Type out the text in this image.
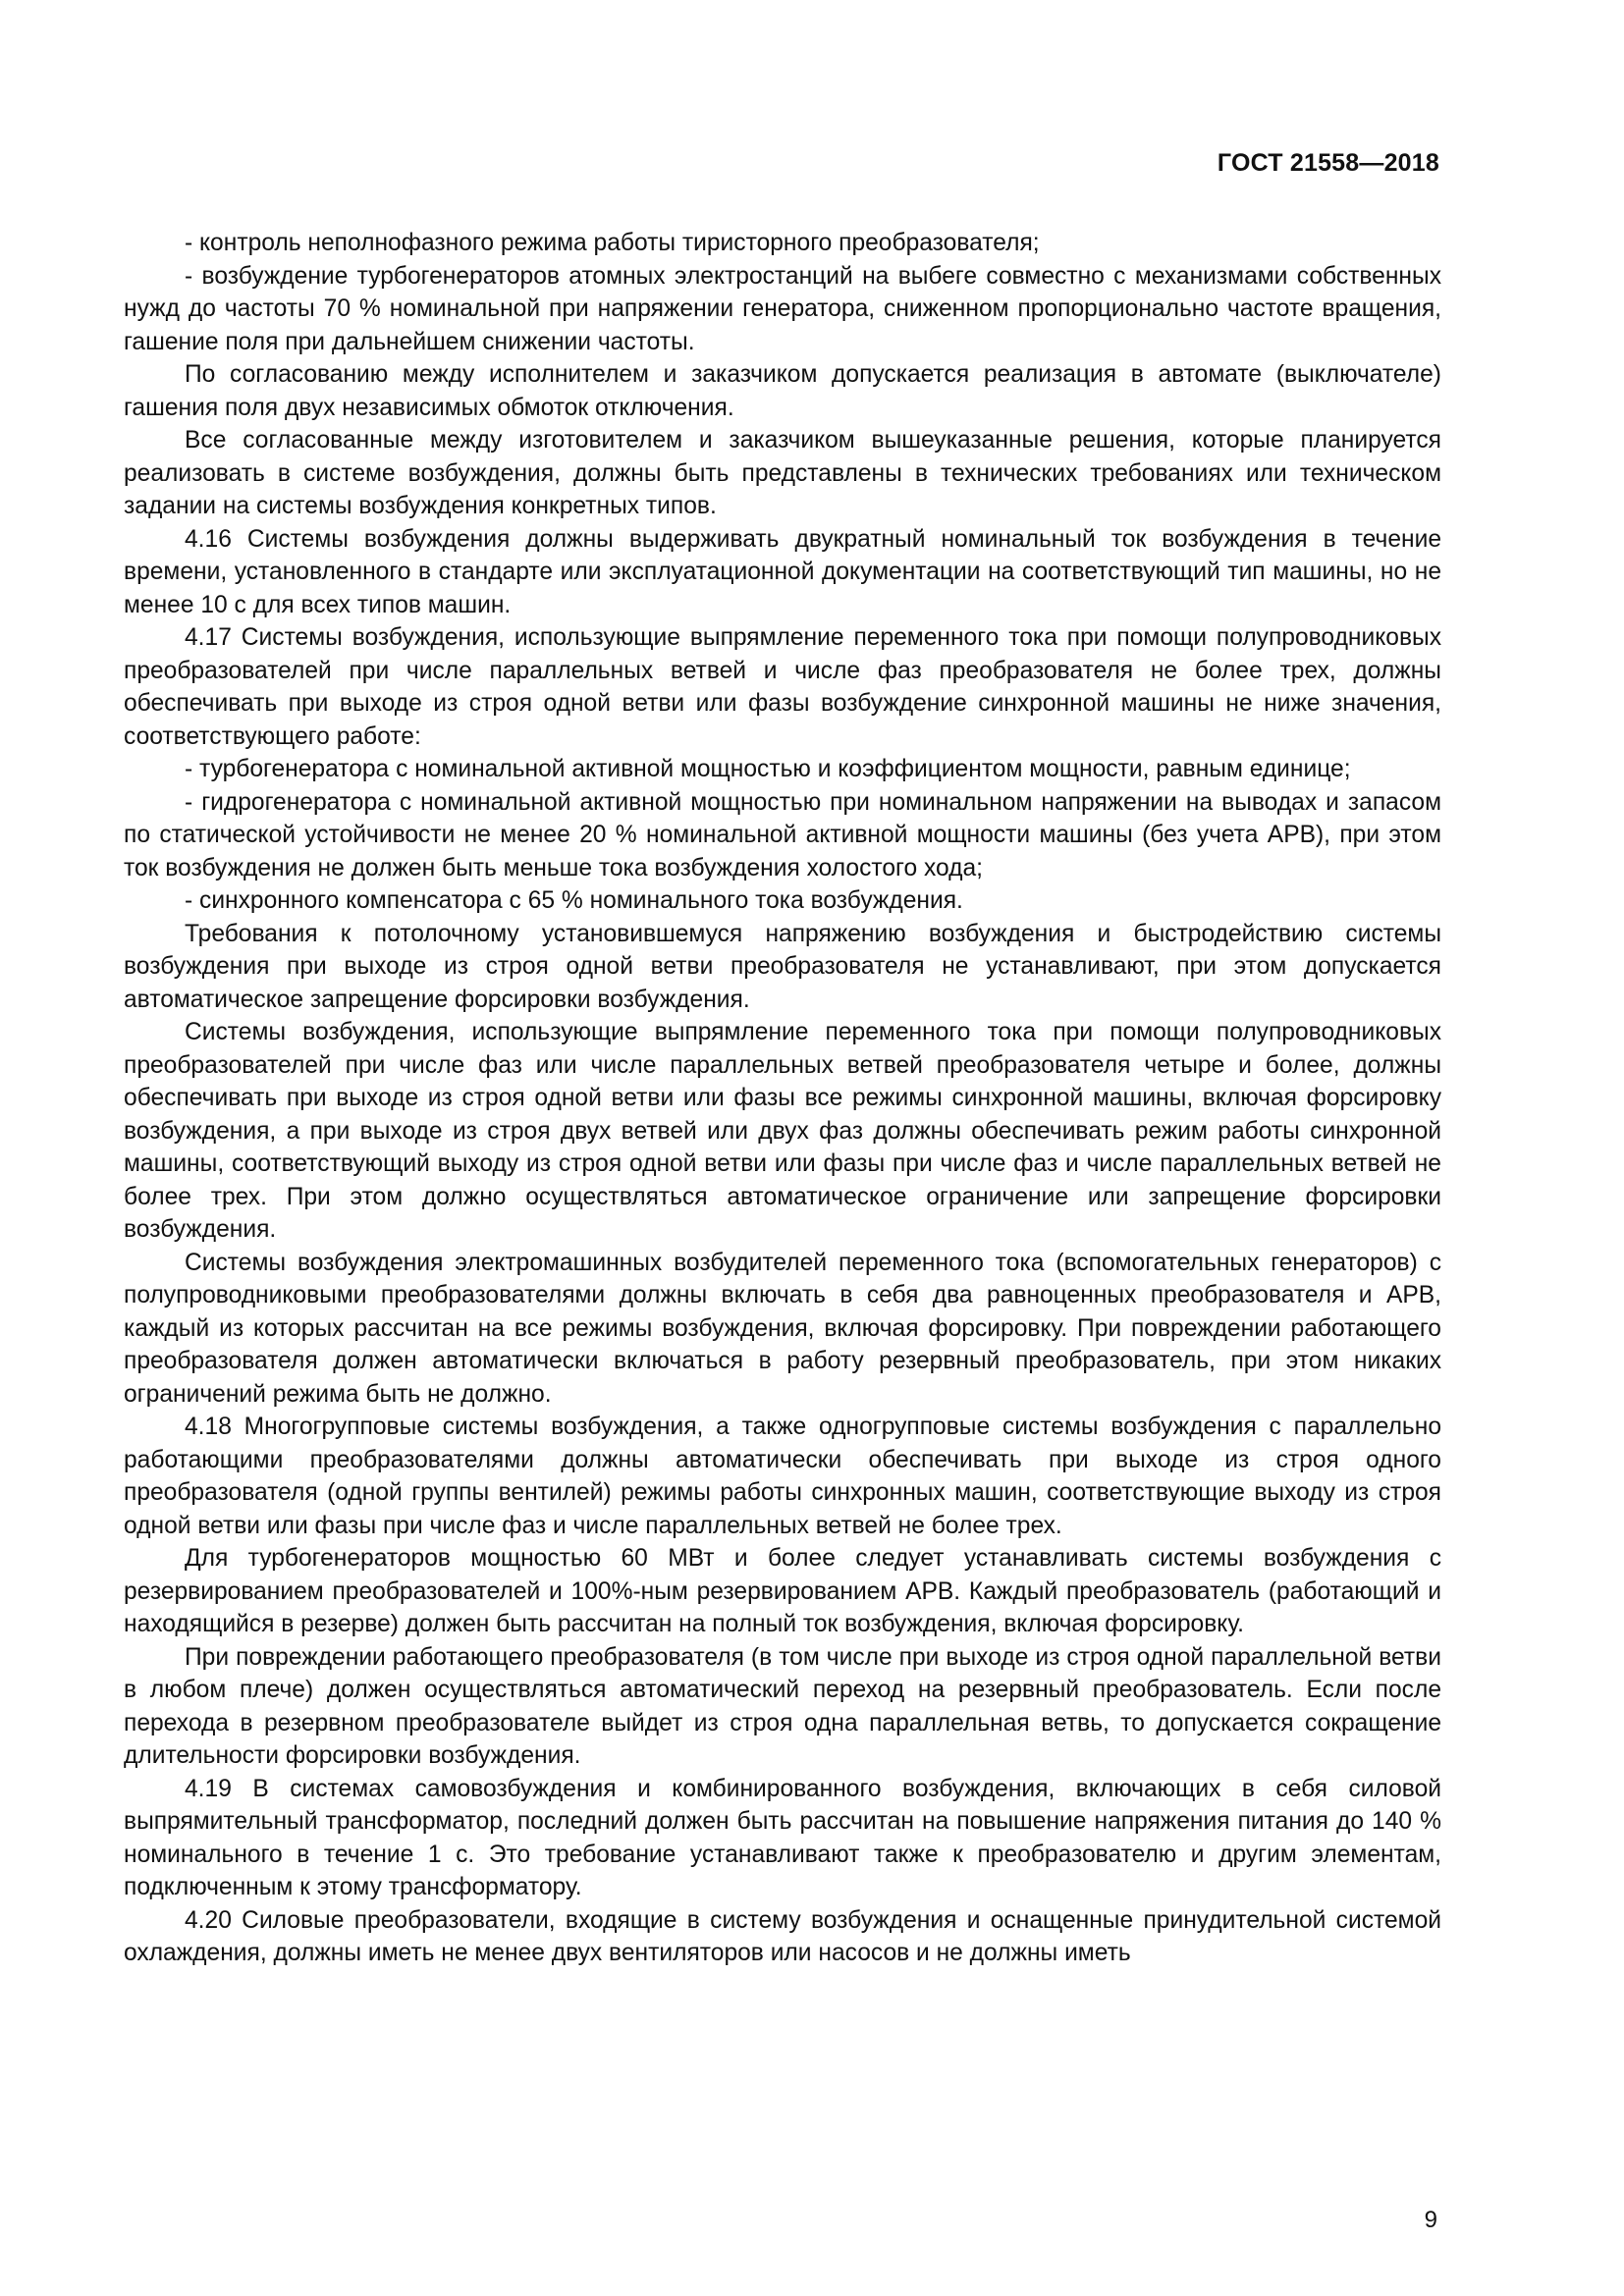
ГОСТ 21558—2018

- контроль неполнофазного режима работы тиристорного преобразователя;

- возбуждение турбогенераторов атомных электростанций на выбеге совместно с механизмами собственных нужд до частоты 70 % номинальной при напряжении генератора, сниженном пропорционально частоте вращения, гашение поля при дальнейшем снижении частоты.

По согласованию между исполнителем и заказчиком допускается реализация в автомате (выключателе) гашения поля двух независимых обмоток отключения.

Все согласованные между изготовителем и заказчиком вышеуказанные решения, которые планируется реализовать в системе возбуждения, должны быть представлены в технических требованиях или техническом задании на системы возбуждения конкретных типов.

4.16 Системы возбуждения должны выдерживать двукратный номинальный ток возбуждения в течение времени, установленного в стандарте или эксплуатационной документации на соответствующий тип машины, но не менее 10 с для всех типов машин.

4.17 Системы возбуждения, использующие выпрямление переменного тока при помощи полупроводниковых преобразователей при числе параллельных ветвей и числе фаз преобразователя не более трех, должны обеспечивать при выходе из строя одной ветви или фазы возбуждение синхронной машины не ниже значения, соответствующего работе:

- турбогенератора с номинальной активной мощностью и коэффициентом мощности, равным единице;

- гидрогенератора с номинальной активной мощностью при номинальном напряжении на выводах и запасом по статической устойчивости не менее 20 % номинальной активной мощности машины (без учета АРВ), при этом ток возбуждения не должен быть меньше тока возбуждения холостого хода;

- синхронного компенсатора с 65 % номинального тока возбуждения.

Требования к потолочному установившемуся напряжению возбуждения и быстродействию системы возбуждения при выходе из строя одной ветви преобразователя не устанавливают, при этом допускается автоматическое запрещение форсировки возбуждения.

Системы возбуждения, использующие выпрямление переменного тока при помощи полупроводниковых преобразователей при числе фаз или числе параллельных ветвей преобразователя четыре и более, должны обеспечивать при выходе из строя одной ветви или фазы все режимы синхронной машины, включая форсировку возбуждения, а при выходе из строя двух ветвей или двух фаз должны обеспечивать режим работы синхронной машины, соответствующий выходу из строя одной ветви или фазы при числе фаз и числе параллельных ветвей не более трех. При этом должно осуществляться автоматическое ограничение или запрещение форсировки возбуждения.

Системы возбуждения электромашинных возбудителей переменного тока (вспомогательных генераторов) с полупроводниковыми преобразователями должны включать в себя два равноценных преобразователя и АРВ, каждый из которых рассчитан на все режимы возбуждения, включая форсировку. При повреждении работающего преобразователя должен автоматически включаться в работу резервный преобразователь, при этом никаких ограничений режима быть не должно.

4.18 Многогрупповые системы возбуждения, а также одногрупповые системы возбуждения с параллельно работающими преобразователями должны автоматически обеспечивать при выходе из строя одного преобразователя (одной группы вентилей) режимы работы синхронных машин, соответствующие выходу из строя одной ветви или фазы при числе фаз и числе параллельных ветвей не более трех.

Для турбогенераторов мощностью 60 МВт и более следует устанавливать системы возбуждения с резервированием преобразователей и 100%-ным резервированием АРВ. Каждый преобразователь (работающий и находящийся в резерве) должен быть рассчитан на полный ток возбуждения, включая форсировку.

При повреждении работающего преобразователя (в том числе при выходе из строя одной параллельной ветви в любом плече) должен осуществляться автоматический переход на резервный преобразователь. Если после перехода в резервном преобразователе выйдет из строя одна параллельная ветвь, то допускается сокращение длительности форсировки возбуждения.

4.19 В системах самовозбуждения и комбинированного возбуждения, включающих в себя силовой выпрямительный трансформатор, последний должен быть рассчитан на повышение напряжения питания до 140 % номинального в течение 1 с. Это требование устанавливают также к преобразователю и другим элементам, подключенным к этому трансформатору.

4.20 Силовые преобразователи, входящие в систему возбуждения и оснащенные принудительной системой охлаждения, должны иметь не менее двух вентиляторов или насосов и не должны иметь

9
